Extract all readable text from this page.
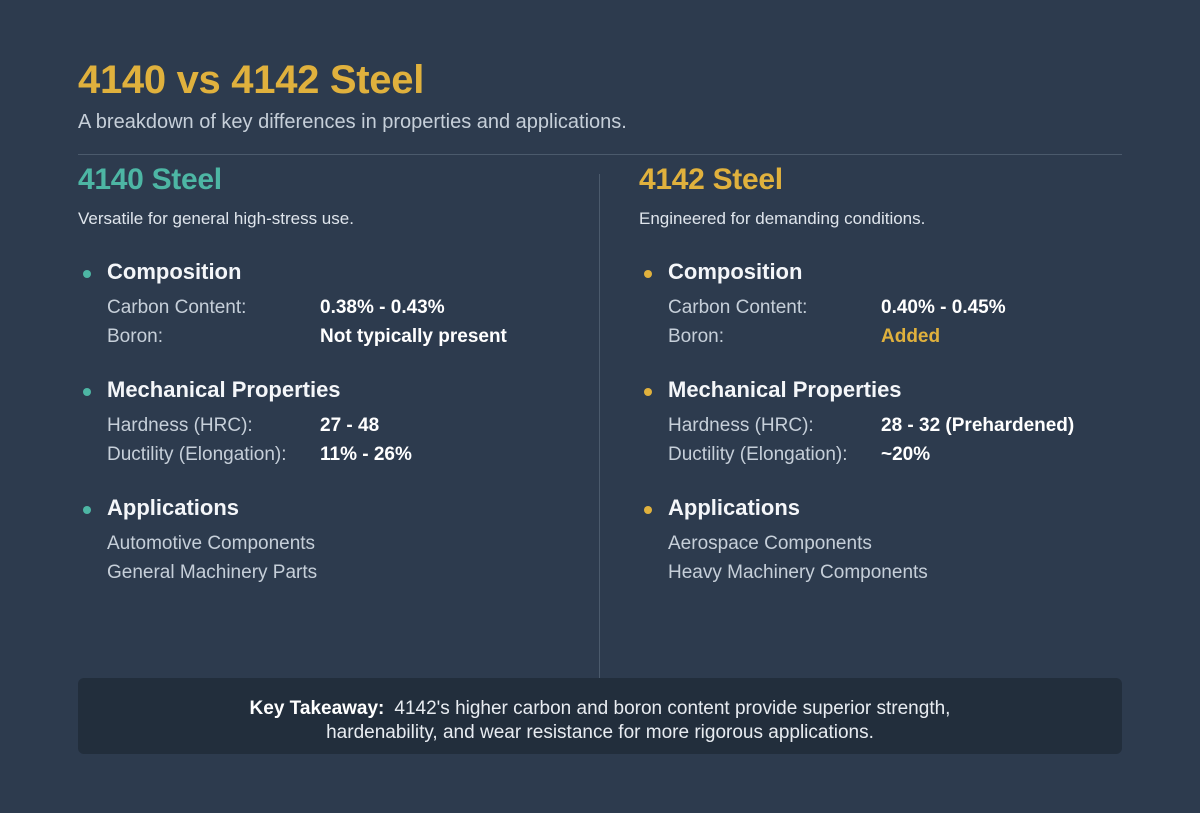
4140 vs 4142 Steel
A breakdown of key differences in properties and applications.
4140 Steel
Versatile for general high-stress use.
Composition
Carbon Content:	0.38% - 0.43%
Boron:	Not typically present
Mechanical Properties
Hardness (HRC):	27 - 48
Ductility (Elongation):	11% - 26%
Applications
Automotive Components
General Machinery Parts
4142 Steel
Engineered for demanding conditions.
Composition
Carbon Content:	0.40% - 0.45%
Boron:	Added
Mechanical Properties
Hardness (HRC):	28 - 32 (Prehardened)
Ductility (Elongation):	~20%
Applications
Aerospace Components
Heavy Machinery Components
Key Takeaway: 4142's higher carbon and boron content provide superior strength,
hardenability, and wear resistance for more rigorous applications.
